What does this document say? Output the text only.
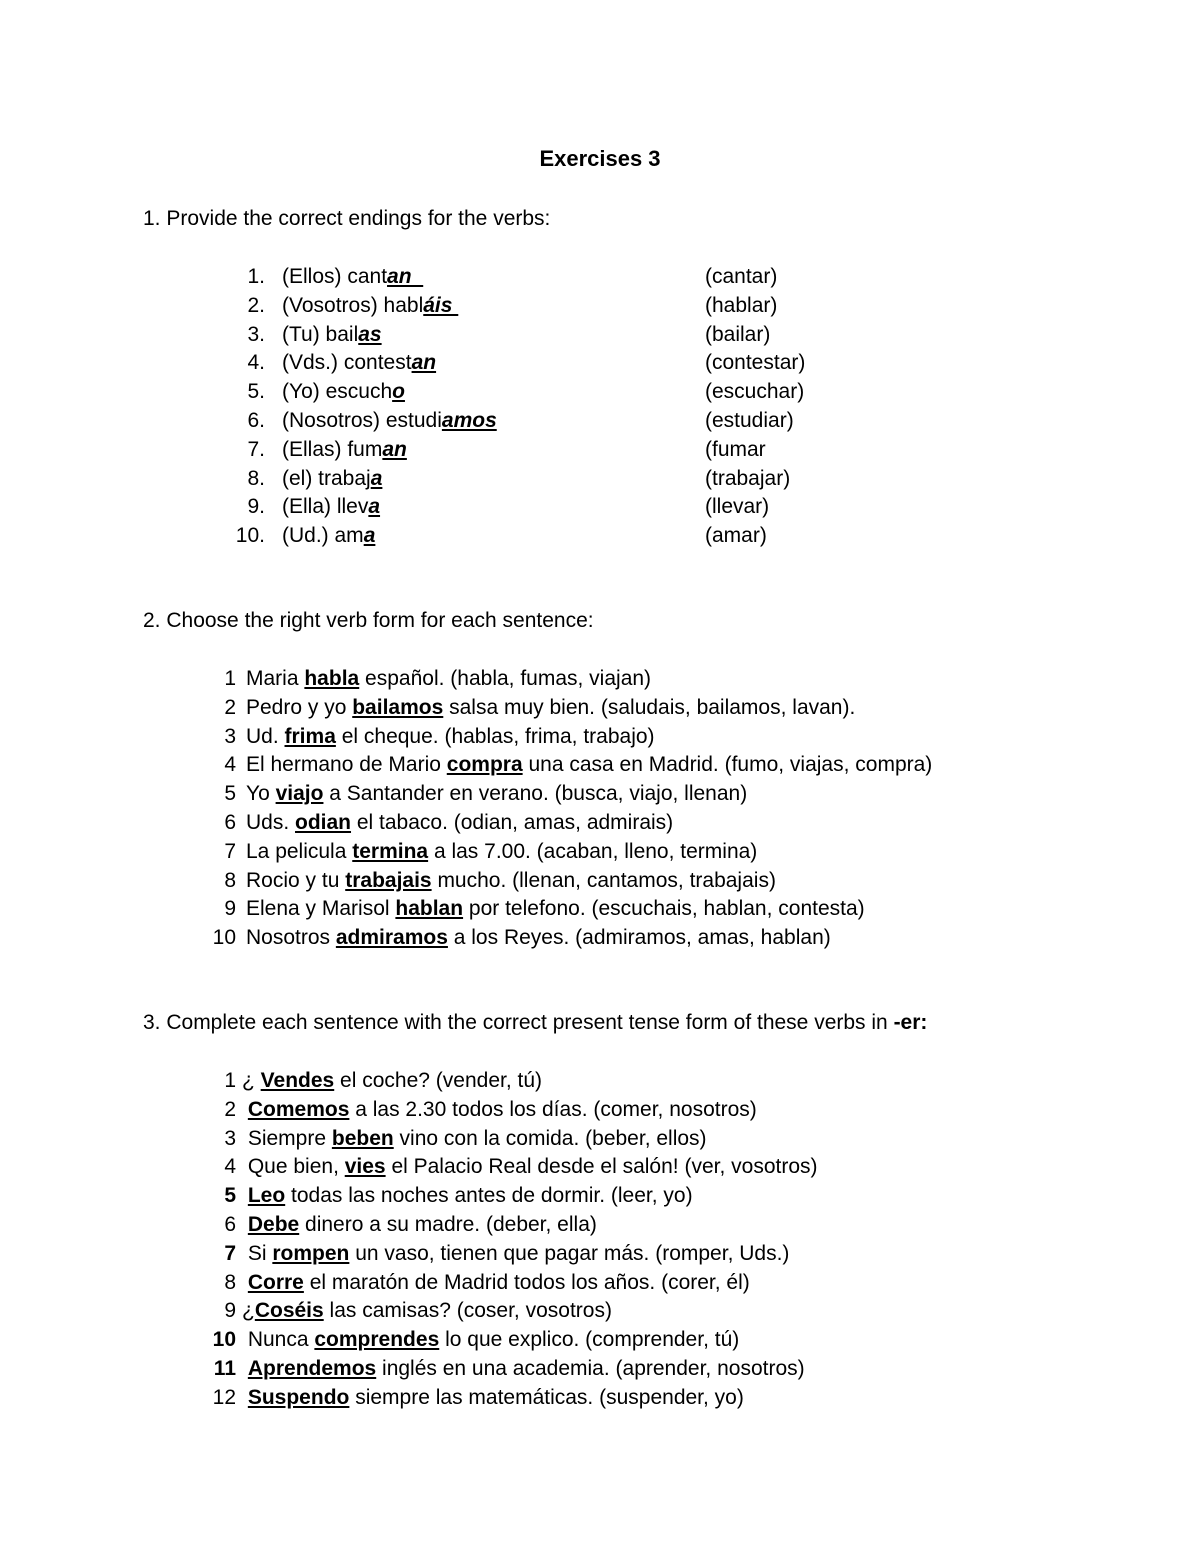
Exercises 3
1. Provide the correct endings for the verbs:
1. (Ellos) cantan	(cantar)
2. (Vosotros) habláis	(hablar)
3. (Tu) bailas	(bailar)
4. (Vds.) contestan	(contestar)
5. (Yo) escucho	(escuchar)
6. (Nosotros) estudiamos	(estudiar)
7. (Ellas) fuman	(fumar
8. (el) trabaja	(trabajar)
9. (Ella) lleva	(llevar)
10. (Ud.) ama	(amar)
2. Choose the right verb form for each sentence:
1 Maria habla español. (habla, fumas, viajan)
2 Pedro y yo bailamos salsa muy bien. (saludais, bailamos, lavan).
3 Ud. frima el cheque. (hablas, frima, trabajo)
4 El hermano de Mario compra una casa en Madrid. (fumo, viajas, compra)
5 Yo viajo a Santander en verano. (busca, viajo, llenan)
6 Uds. odian el tabaco. (odian, amas, admirais)
7 La pelicula termina a las 7.00. (acaban, lleno, termina)
8 Rocio y tu trabajais mucho. (llenan, cantamos, trabajais)
9 Elena y Marisol hablan por telefono. (escuchais, hablan, contesta)
10 Nosotros admiramos a los Reyes. (admiramos, amas, hablan)
3. Complete each sentence with the correct present tense form of these verbs in -er:
1 ¿ Vendes el coche? (vender, tú)
2 Comemos a las 2.30 todos los días. (comer, nosotros)
3 Siempre beben vino con la comida. (beber, ellos)
4 Que bien, vies el Palacio Real desde el salón! (ver, vosotros)
5 Leo todas las noches antes de dormir. (leer, yo)
6 Debe dinero a su madre. (deber, ella)
7 Si rompen un vaso, tienen que pagar más. (romper, Uds.)
8 Corre el maratón de Madrid todos los años. (corer, él)
9 ¿Coséis las camisas? (coser, vosotros)
10 Nunca comprendes lo que explico. (comprender, tú)
11 Aprendemos inglés en una academia. (aprender, nosotros)
12 Suspendo siempre las matemáticas. (suspender, yo)
